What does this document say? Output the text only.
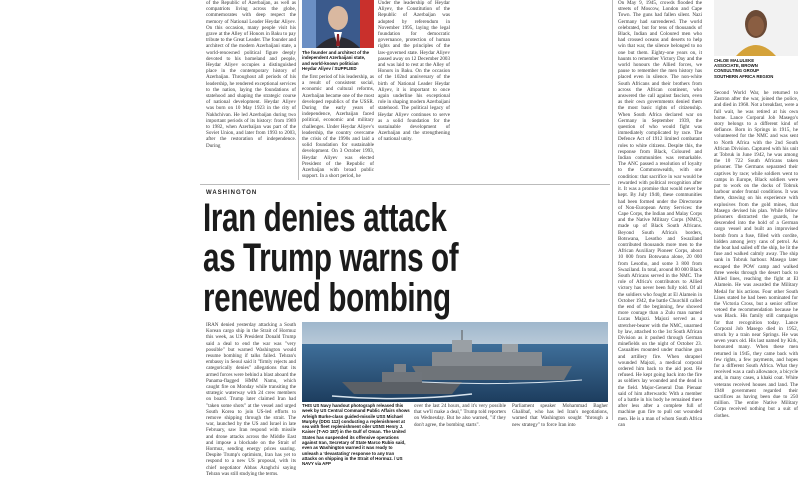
of the Republic of Azerbaijan, as well as compatriots living across the globe, commemorates with deep respect the memory of National Leader Heydar Aliyev. On this occasion, many people visit his grave at the Alley of Honors in Baku to pay tribute to the Great Leader. The founder and architect of the modern Azerbaijani state, a world-renowned political figure deeply devoted to his homeland and people, Heydar Aliyev occupies a distinguished place in the contemporary history of Azerbaijan. Throughout all periods of his leadership, he rendered exceptional services to the nation, laying the foundations of statehood and shaping the strategic course of national development. Heydar Aliyev was born on 10 May 1923 in the city of Nakhchivan. He led Azerbaijan during two important periods of its history: from 1969 to 1982, when Azerbaijan was part of the Soviet Union, and later from 1993 to 2003, after the restoration of independence. During
The founder and architect of the independent Azerbaijani state, and world-known politician Heydar Aliyev / SUPPLIED
the first period of his leadership, as a result of consistent social, economic and cultural reforms, Azerbaijan became one of the most developed republics of the USSR. During the early years of independence, Azerbaijan faced political, economic and military challenges. Under Heydar Aliyev's leadership, the country overcame the crisis of the 1990s and laid a solid foundation for sustainable development. On 3 October 1993, Heydar Aliyev was elected President of the Republic of Azerbaijan with broad public support. In a short period, he
Under the leadership of Heydar Aliyev, the Constitution of the Republic of Azerbaijan was adopted by referendum in November 1995, laying the legal foundation for democratic governance, protection of human rights and the principles of the law-governed state. Heydar Aliyev passed away on 12 December 2003 and was laid to rest at the Alley of Honors in Baku. On the occasion of the 102nd anniversary of the birth of National Leader Heydar Aliyev, it is important to once again underline his exceptional role in shaping modern Azerbaijani statehood. The political legacy of Heydar Aliyev continues to serve as a solid foundation for the sustainable development of Azerbaijan and the strengthening of national unity.
On May 9, 1945, crowds flooded the streets of Moscow, London and Cape Town. The guns had fallen silent. Nazi Germany had surrendered. The world celebrated, but for tens of thousands of Black, Indian and Coloured men who had crossed oceans and deserts to help win that war, the silence belonged to no one but them. Eighty-one years on, it haunts to remember Victory Day and the world honours the Allied forces, we pause to remember the men history has placed even in silence. The non-white South Africans and their brothers from across the African continent, who answered the call against fascism, even as their own governments denied them the most basic rights of citizenship. When South Africa declared war on Germany in September 1939, the question of who would fight was immediately complicated by race. The Defence Act of 1912 limited combatant roles to white citizens. Despite this, the response from Black, Coloured and Indian communities was remarkable. The ANC passed a resolution of loyalty to the Commonwealth, with one condition: that sacrifice in war would be rewarded with political recognition after it. It was a promise that would never be kept. By July 1940, these communities had been formed under the Directorate of Non-European Army Services: the Cape Corps, the Indian and Malay Corps and the Native Military Corps (NMC), made up of Black South Africans. Beyond South Africa's borders, Botswana, Lesotho and Swaziland contributed thousands more men to the African Auxiliary Pioneer Corps, about 10 000 from Botswana alone, 20 000 from Lesotho, and some 3 800 from Swaziland. In total, around 80 000 Black South Africans served in the NMC. The role of Africa's contributors to Allied victory has never been fully told. Of all the soldiers who fought at El Alamein in October 1942, the battle Churchill called the end of the beginning, few showed more courage than a Zulu man named Lucas Majozi. Majozi served as a stretcher-bearer with the NMC, unarmed by law, attached to the 1st South African Division as it pushed through German minefields on the night of October 23. Casualties mounted under machine gun and artillery fire. When shrapnel wounded Majozi, a medical corporal ordered him back to the aid post. He refused. He kept going back into the fire as soldiers lay wounded and the dead in the field. Major-General Dan Pienaar said of him afterwards: With a member of a battle in his body he remained there after less after a complete full of machine gun fire to pull out wounded men. He is a man of whom South Africa can
CHLOE MALULEKE
ASSOCIATE, BROWN
CONSULTING GROUP
SOUTHERN AFRICA REGION
Second World War, he returned to Zastron after the war, joined the police, and died in 1968. Not a breakfast, were a full wait, he was retired at his own home. Lance Corporal Job Masego's story belongs to a different kind of defiance. Born in Springs in 1915, he volunteered for the NMC and was sent to North Africa with the 2nd South African Division. Captured with his unit at Tobruk in June 1942, he was among the 10 722 South Africans taken prisoner. The Germans separated their captives by race; while soldiers went to camps in Europe, Black soldiers were put to work on the docks of Tobruk harbour under frontal conditions. It was there, drawing on his experience with explosives from the gold mines, that Masego devised his plan. While fellow prisoners distracted the guards, he descended into the hold of a German cargo vessel and built an improvised bomb from a fuse, filled with cordite, hidden among jerry cans of petrol. As the boat had sailed off the ship, he lit the fuse and walked calmly away. The ship sank in Tobruk harbour. Masego later escaped the POW camp and walked three weeks through the desert back to Allied lines, reaching the fight at El Alamein. He was awarded the Military Medal for his actions. Four other South Lines stated he had been nominated for the Victoria Cross, but a senior officer vetoed the recommendation because he was Black. His family still campaigns for that recognition today. Lance Corporal Job Masego died in 1952, struck by a train near Springs. He was seven years old. His last named by Kirk, honoured many. When these men returned in 1945, they came back with few rights, a few payments, and hopes for a different South Africa. What they received was a cash allowance, a bicycle and, in many cases, a khaki coat. White veterans received houses and land. The 1948 government regarded their sacrifices as having been due to 250 million. The entire Native Military Corps received nothing but a suit of clothes.
WASHINGTON
Iran denies attack
as Trump warns of
renewed bombing
IRAN denied yesterday attacking a South Korean cargo ship in the Strait of Hormuz this week, as US President Donald Trump said a deal to end the war was "very possible" but warned Washington would resume bombing if talks failed. Tehran's embassy in Seoul said it "firmly rejects and categorically denies" allegations that its armed forces were behind a blast aboard the Panama-flagged HMM Namu, which caught fire on Monday while transiting the strategic waterway with 24 crew members on board. Trump later claimed Iran had "taken some shots" at the vessel and urged South Korea to join US-led efforts to remove shipping through the strait. The war, launched by the US and Israel in late February, saw Iran respond with missile and drone attacks across the Middle East and impose a blockade on the Strait of Hormuz, sending energy prices soaring. Despite Trump's optimism, Iran has yet to respond to a new US proposal, with its chief negotiator Abbas Araghchi saying Tehran was still studying the terms.
THIS US Navy handout photograph released this week by US Central Command Public Affairs shows Arleigh Burke-class guided-missile USS Michael Murphy (DDG 112) conducting a replenishment at sea with fleet replenishment oiler USNS Henry J. Kaiser (T-AO 187) in the Gulf of Oman. The United States has suspended its offensive operations against Iran, Secretary of State Marco Rubio said, even as Washington warned it was ready to unleash a 'devastating' response to any Iran attacks on shipping in the Strait of Hormuz. / US NAVY via AFP
over the last 24 hours, and it's very possible that we'll make a deal," Trump told reporters on Wednesday. But he also warned, "if they don't agree, the bombing starts".
Parliament speaker Mohammad Bagher Ghalibaf, who has led Iran's negotiations, warned that Washington sought "through a new strategy" to force Iran into
